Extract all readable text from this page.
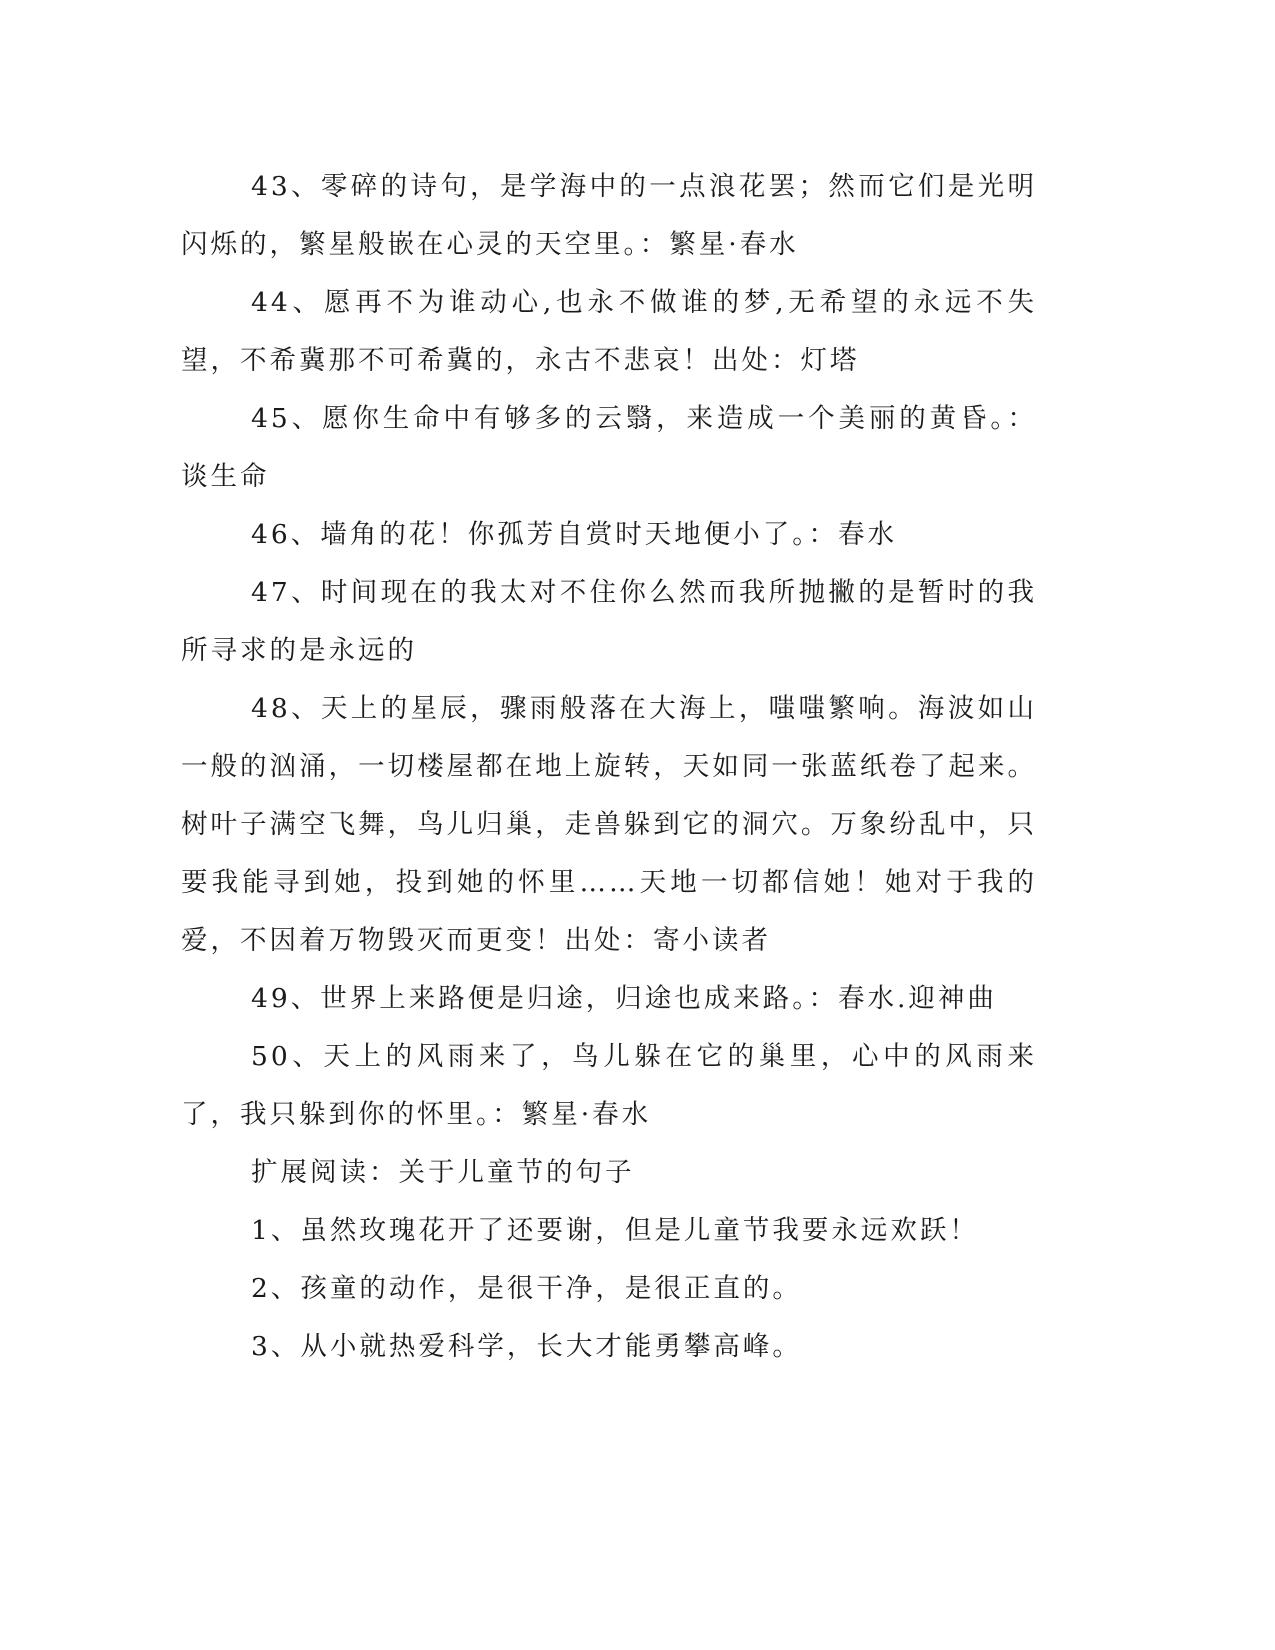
43、零碎的诗句，是学海中的一点浪花罢；然而它们是光明闪烁的，繁星般嵌在心灵的天空里。：繁星·春水

44、愿再不为谁动心,也永不做谁的梦,无希望的永远不失望，不希冀那不可希冀的，永古不悲哀！出处：灯塔

45、愿你生命中有够多的云翳，来造成一个美丽的黄昏。：谈生命

46、墙角的花！你孤芳自赏时天地便小了。：春水

47、时间现在的我太对不住你么然而我所抛撇的是暂时的我所寻求的是永远的

48、天上的星辰，骤雨般落在大海上，嗤嗤繁响。海波如山一般的汹涌，一切楼屋都在地上旋转，天如同一张蓝纸卷了起来。树叶子满空飞舞，鸟儿归巢，走兽躲到它的洞穴。万象纷乱中，只要我能寻到她，投到她的怀里……天地一切都信她！她对于我的爱，不因着万物毁灭而更变！出处：寄小读者

49、世界上来路便是归途，归途也成来路。：春水.迎神曲

50、天上的风雨来了，鸟儿躲在它的巢里，心中的风雨来了，我只躲到你的怀里。：繁星·春水

扩展阅读：关于儿童节的句子

1、虽然玫瑰花开了还要谢，但是儿童节我要永远欢跃！

2、孩童的动作，是很干净，是很正直的。

3、从小就热爱科学，长大才能勇攀高峰。
